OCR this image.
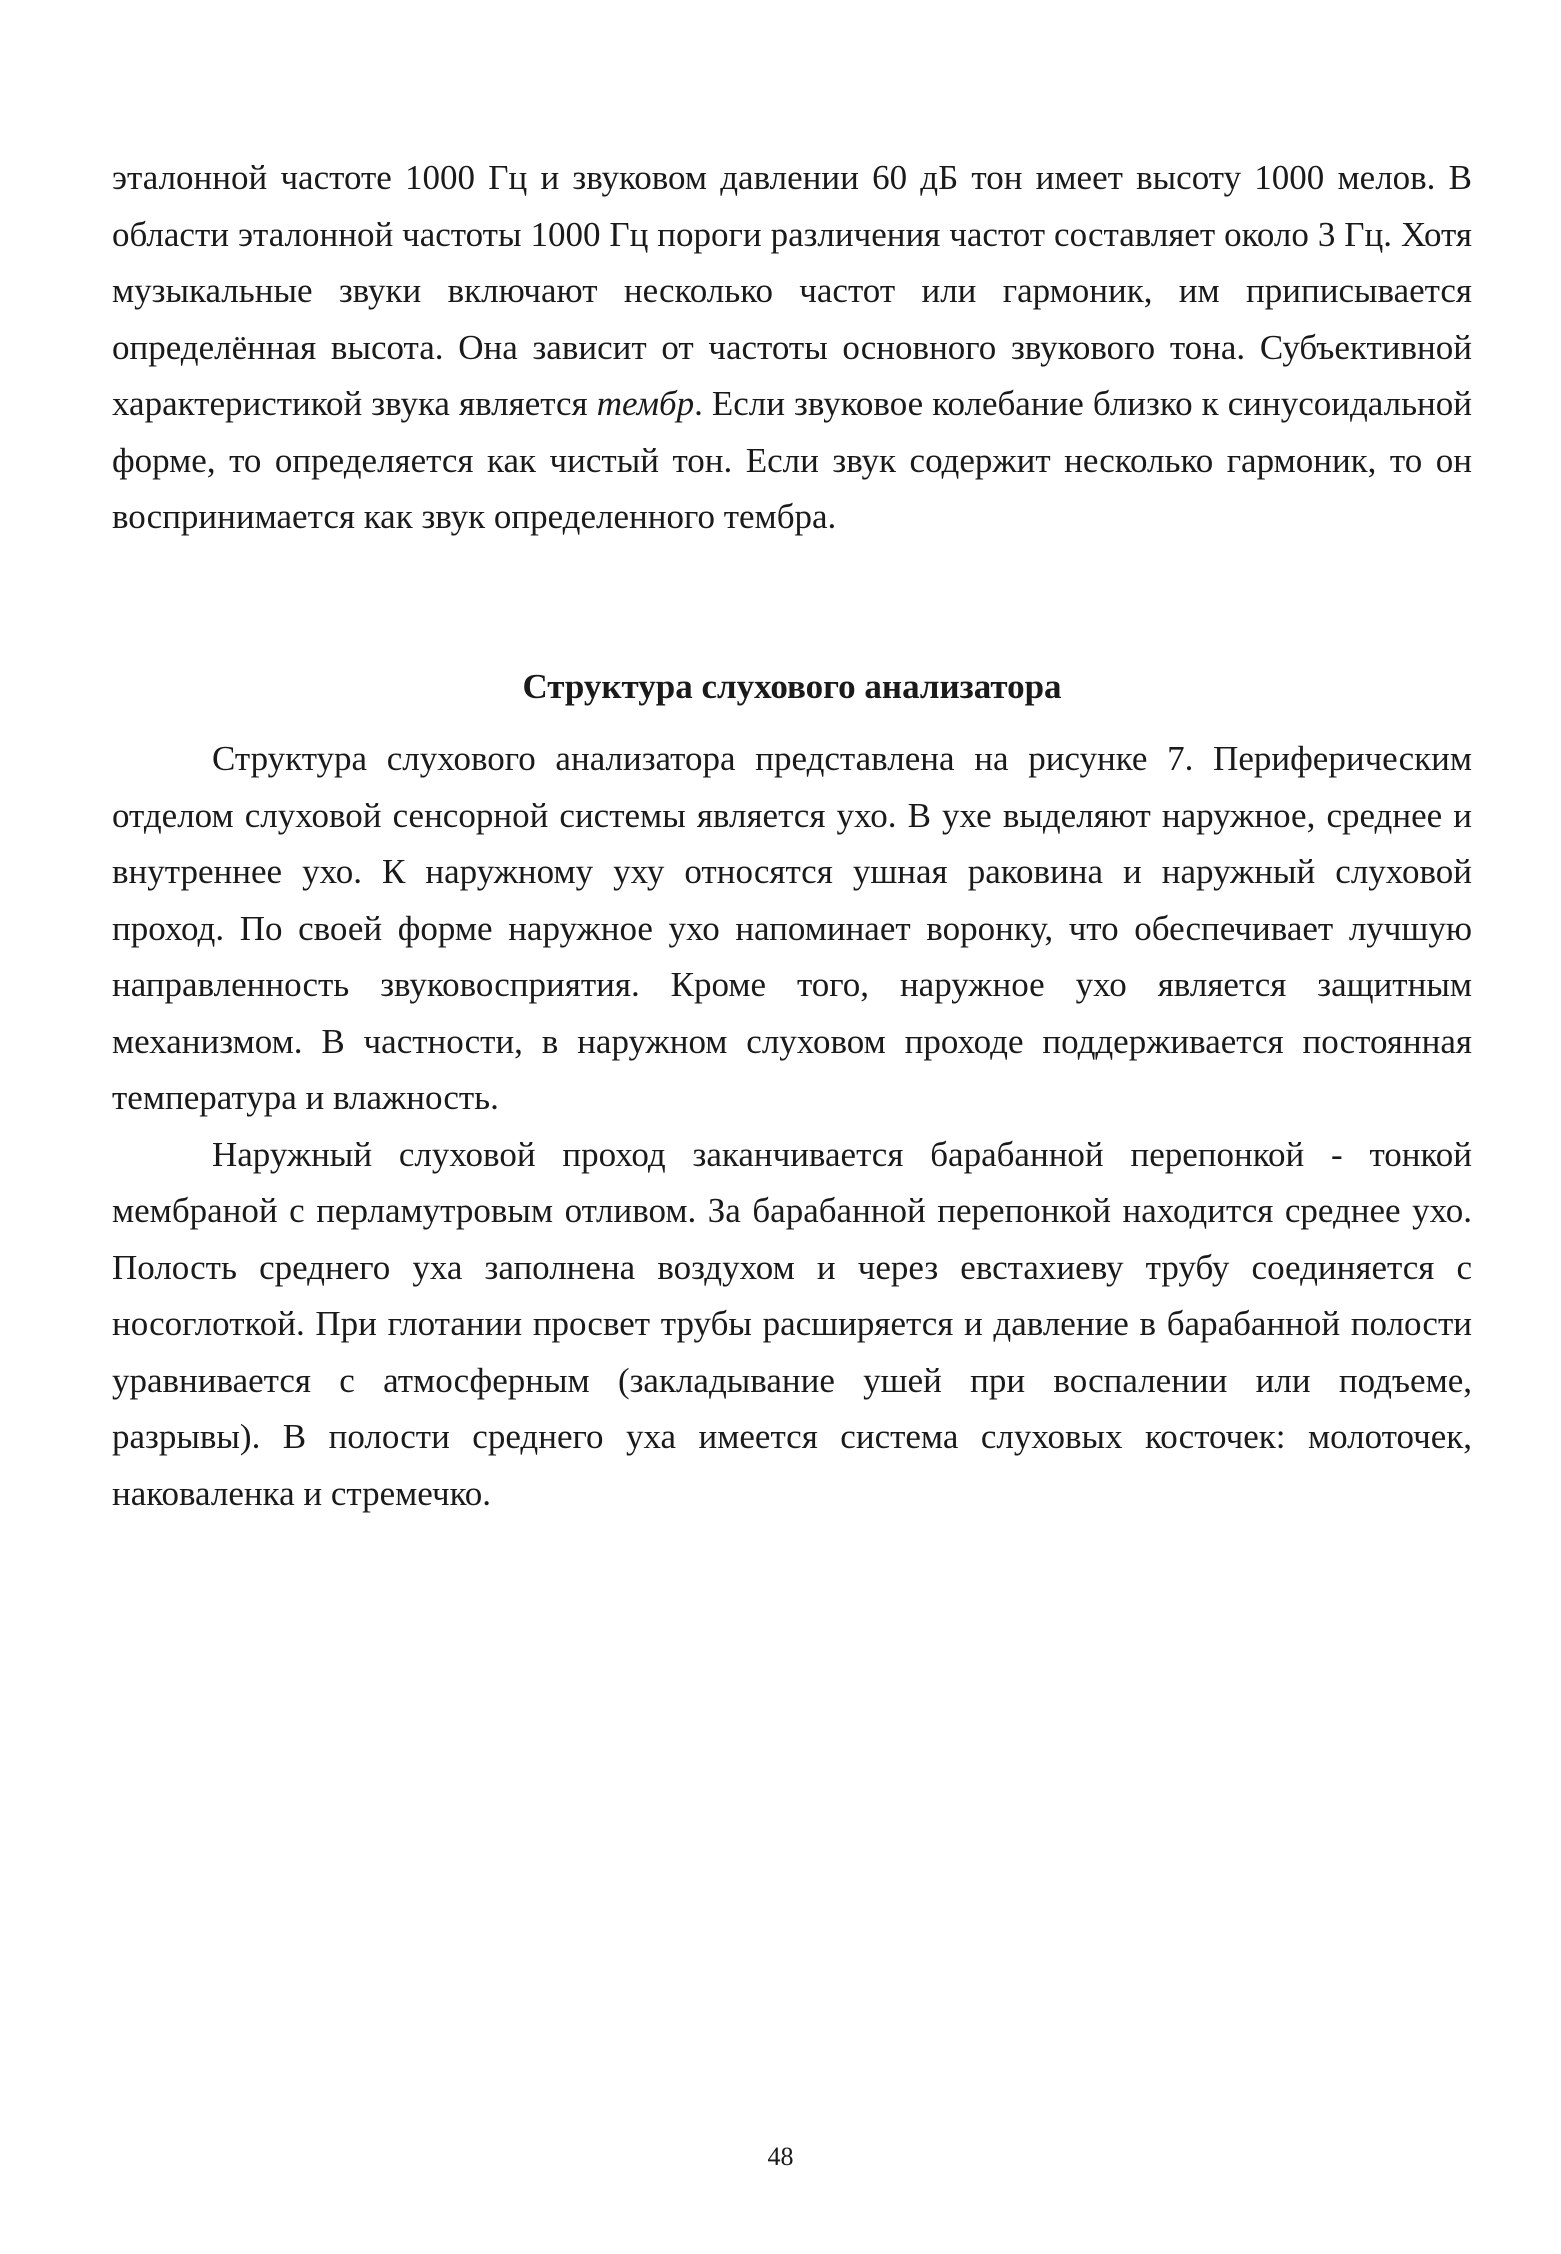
эталонной частоте 1000 Гц и звуковом давлении 60 дБ тон имеет высоту 1000 мелов. В области эталонной частоты 1000 Гц пороги различения частот составляет около 3 Гц. Хотя музыкальные звуки включают несколько частот или гармоник, им приписывается определённая высота. Она зависит от частоты основного звукового тона. Субъективной характеристикой звука является тембр. Если звуковое колебание близко к синусоидальной форме, то определяется как чистый тон. Если звук содержит несколько гармоник, то он воспринимается как звук определенного тембра.

Структура слухового анализатора

Структура слухового анализатора представлена на рисунке 7. Периферическим отделом слуховой сенсорной системы является ухо. В ухе выделяют наружное, среднее и внутреннее ухо. К наружному уху относятся ушная раковина и наружный слуховой проход. По своей форме наружное ухо напоминает воронку, что обеспечивает лучшую направленность звуковосприятия. Кроме того, наружное ухо является защитным механизмом. В частности, в наружном слуховом проходе поддерживается постоянная температура и влажность.

Наружный слуховой проход заканчивается барабанной перепонкой - тонкой мембраной с перламутровым отливом. За барабанной перепонкой находится среднее ухо. Полость среднего уха заполнена воздухом и через евстахиеву трубу соединяется с носоглоткой. При глотании просвет трубы расширяется и давление в барабанной полости уравнивается с атмосферным (закладывание ушей при воспалении или подъеме, разрывы). В полости среднего уха имеется система слуховых косточек: молоточек, наковаленка и стремечко.

48
